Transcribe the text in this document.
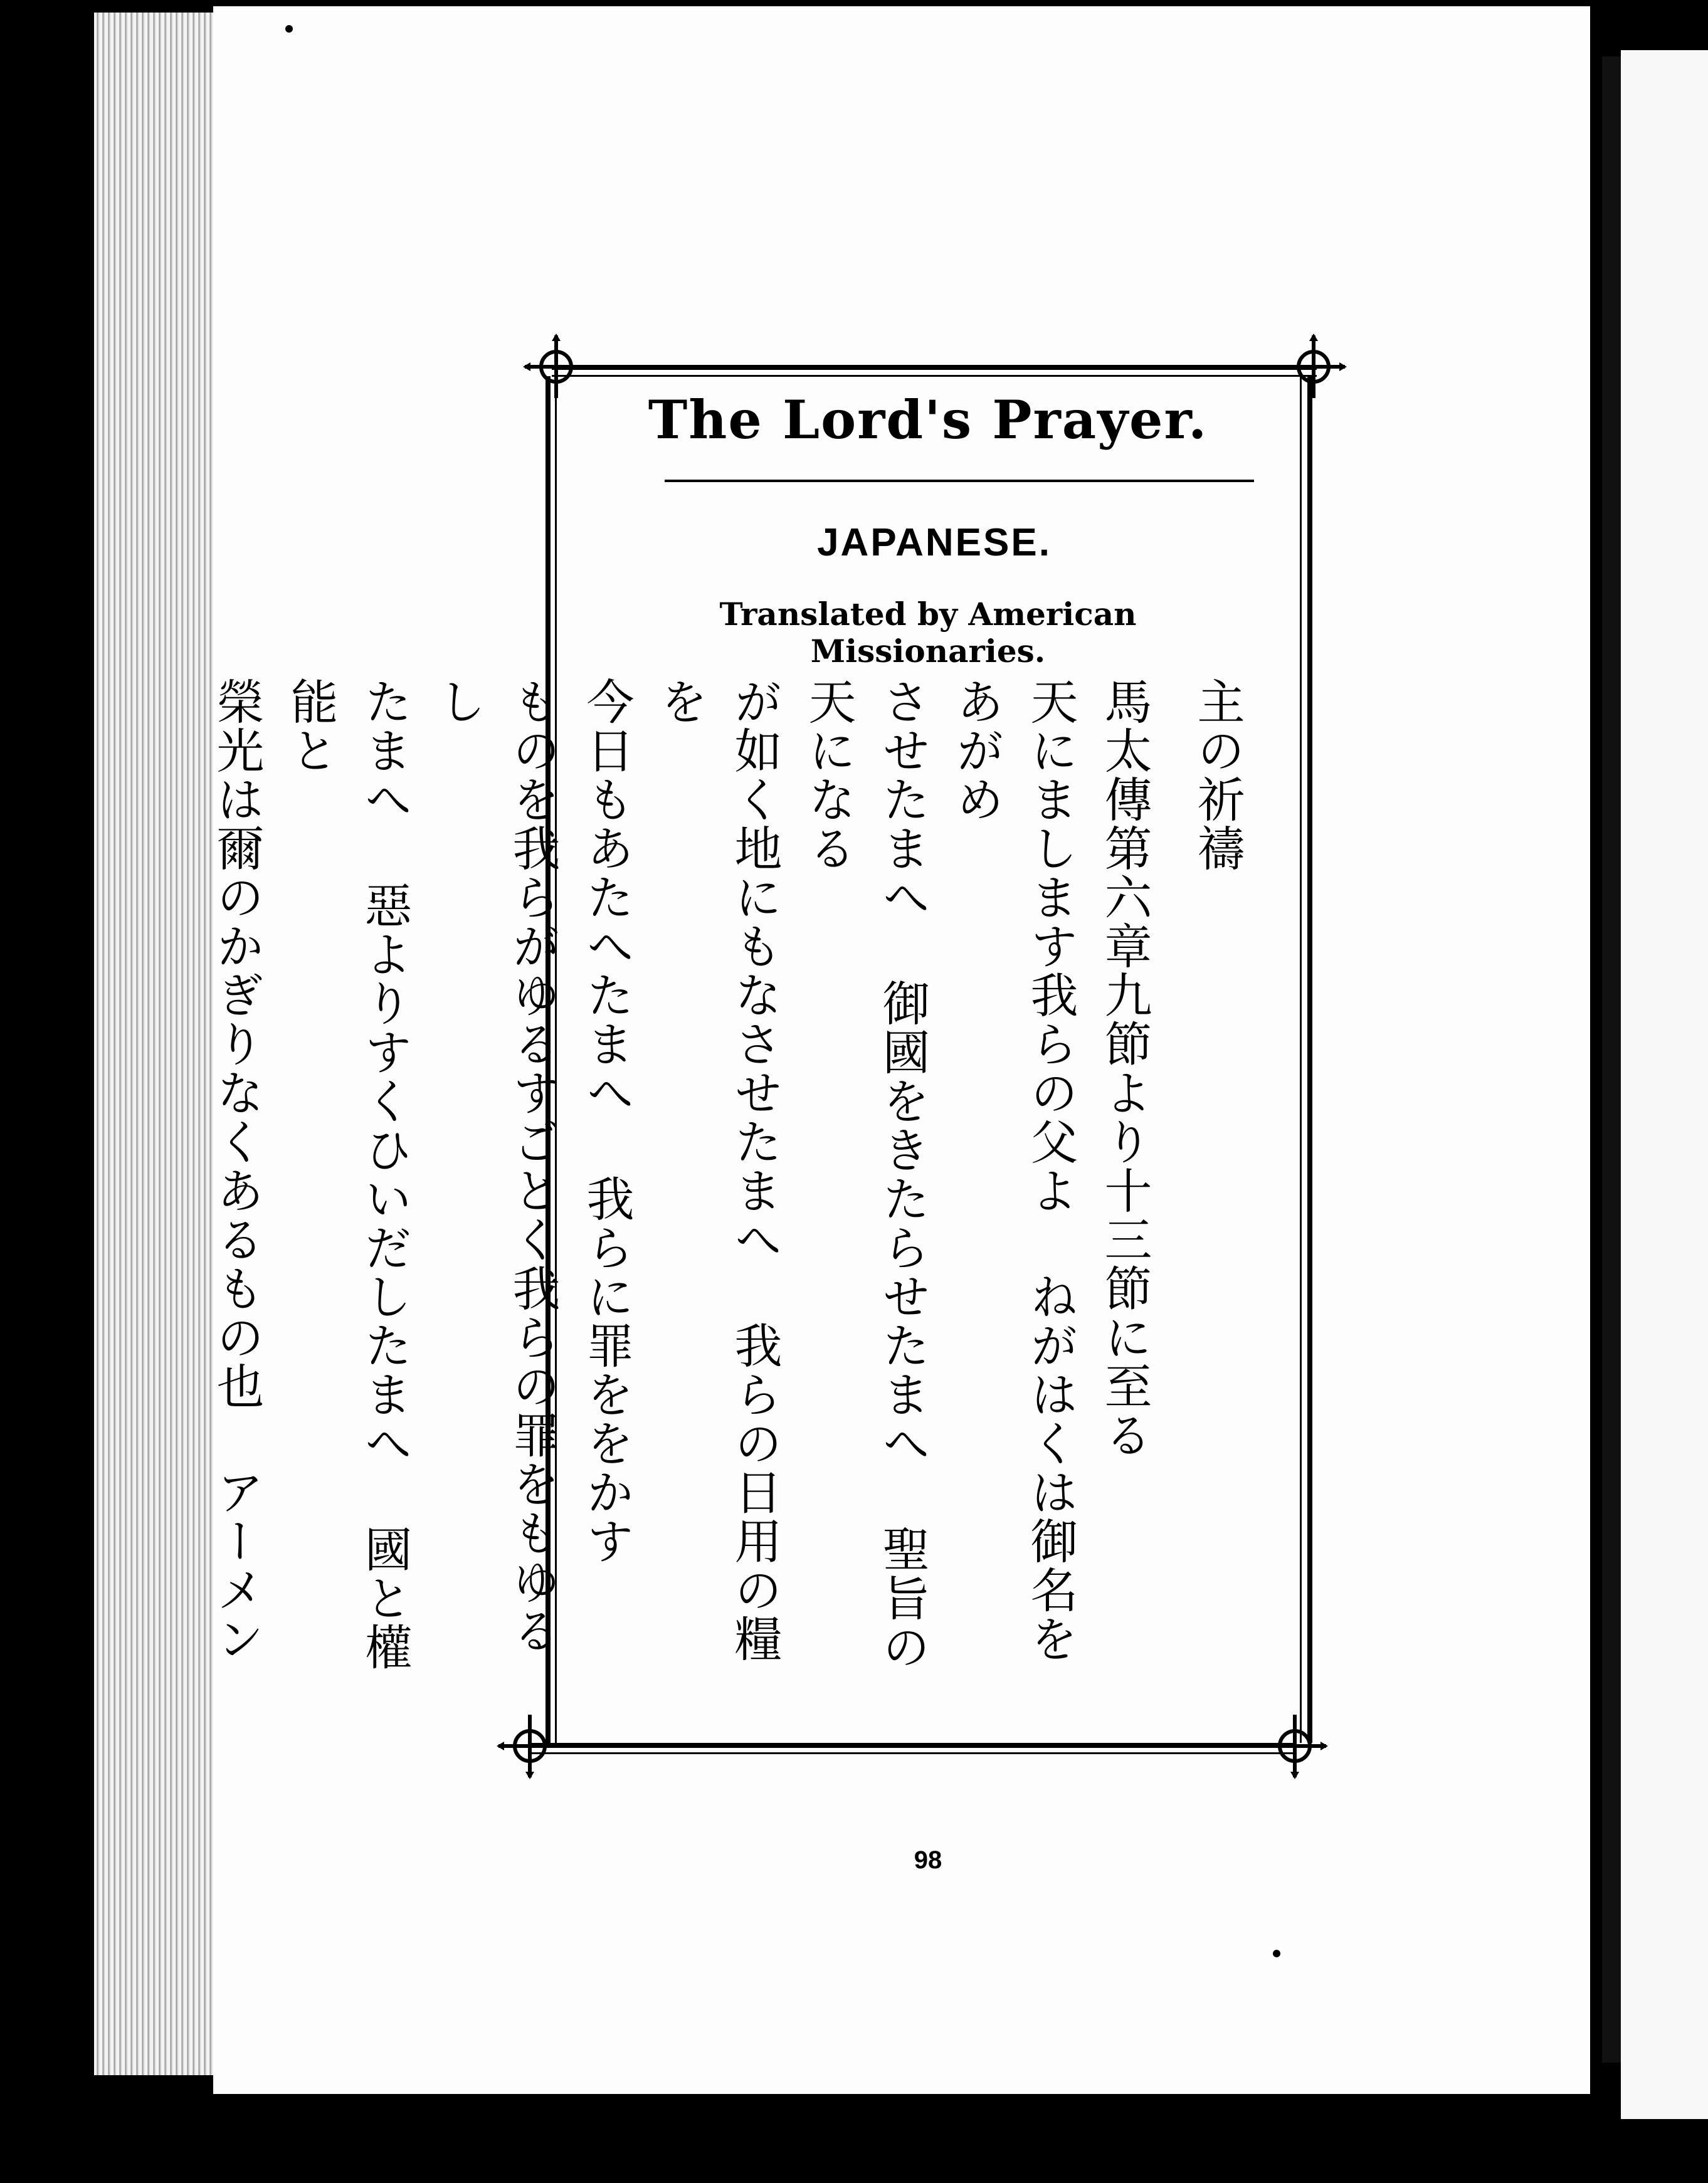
The Lord's Prayer.
JAPANESE.
Translated by American Missionaries.
主の祈禱
馬太傳第六章九節より十三節に至る
天にまします我らの父よ ねがはくは御名をあがめ
させたまへ 御國をきたらせたまへ 聖旨の天になる
が如く地にもなさせたまへ 我らの日用の糧を
今日もあたへたまへ 我らに罪ををかす
ものを我らがゆるすごとく我らの罪をもゆるし
たまへ 惡よりすくひいだしたまへ 國と權能と
榮光は爾のかぎりなくあるもの也 アーメン
98
